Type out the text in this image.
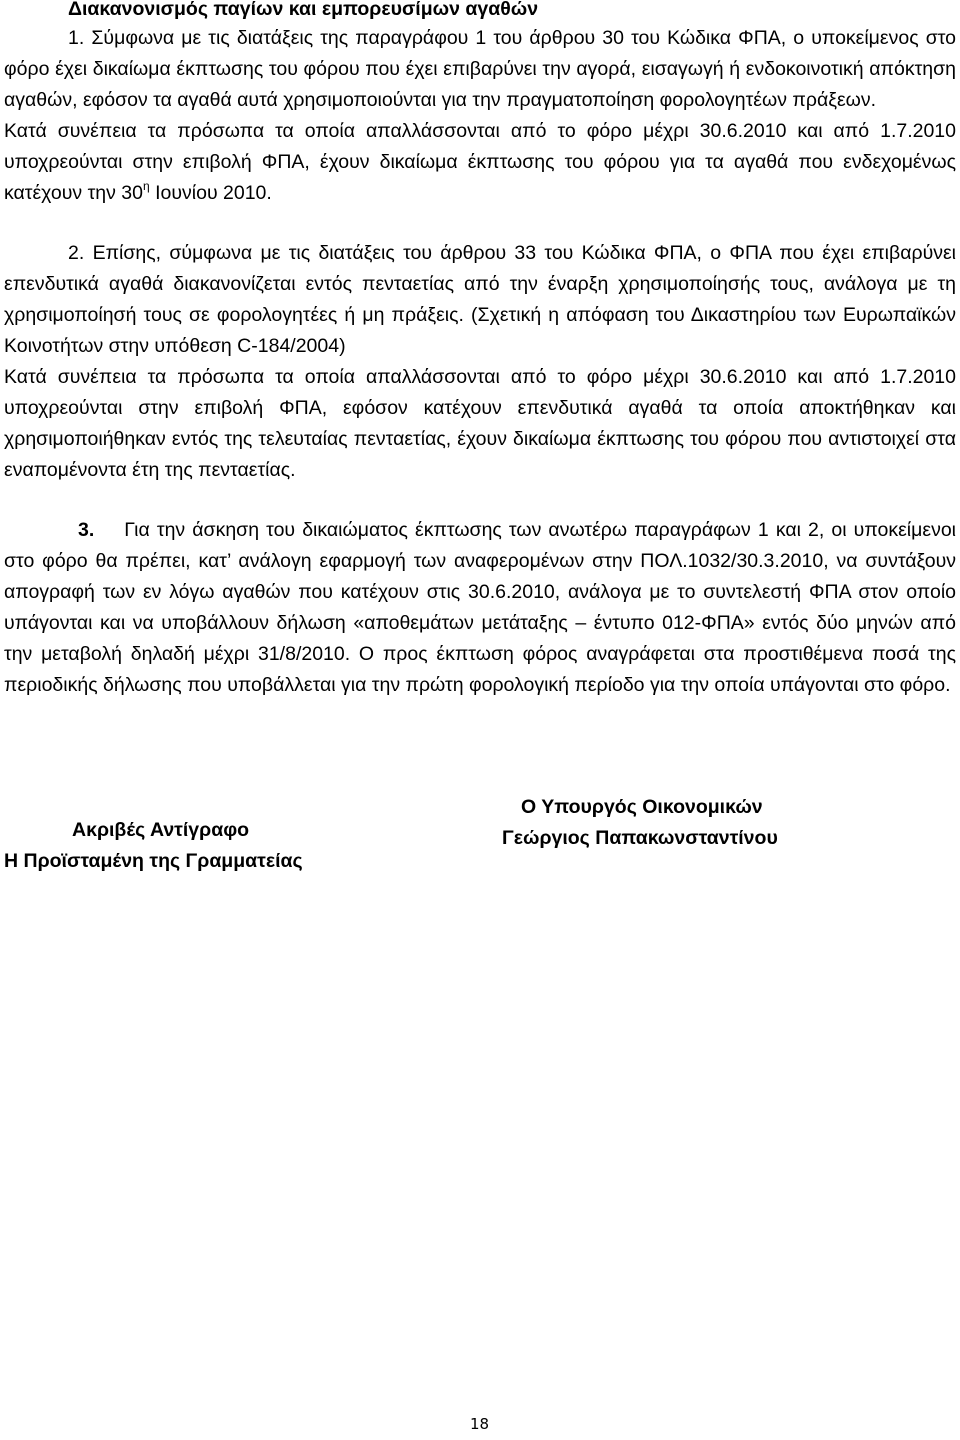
Διακανονισμός παγίων και εμπορευσίμων αγαθών

1. Σύμφωνα με τις διατάξεις της παραγράφου 1 του άρθρου 30 του Κώδικα ΦΠΑ, ο υποκείμενος στο φόρο έχει δικαίωμα έκπτωσης του φόρου που έχει επιβαρύνει την αγορά, εισαγωγή ή ενδοκοινοτική απόκτηση αγαθών, εφόσον τα αγαθά αυτά χρησιμοποιούνται για την πραγματοποίηση φορολογητέων πράξεων.

Κατά συνέπεια τα πρόσωπα τα οποία απαλλάσσονται από το φόρο μέχρι 30.6.2010 και από 1.7.2010 υποχρεούνται στην επιβολή ΦΠΑ, έχουν δικαίωμα έκπτωσης του φόρου για τα αγαθά που ενδεχομένως κατέχουν την $30^\eta$ Ιουνίου 2010.

2. Επίσης, σύμφωνα με τις διατάξεις του άρθρου 33 του Κώδικα ΦΠΑ, ο ΦΠΑ που έχει επιβαρύνει επενδυτικά αγαθά διακανονίζεται εντός πενταετίας από την έναρξη χρησιμοποίησής τους, ανάλογα με τη χρησιμοποίησή τους σε φορολογητέες ή μη πράξεις. (Σχετική η απόφαση του Δικαστηρίου των Ευρωπαϊκών Κοινοτήτων στην υπόθεση C-184/2004)

Κατά συνέπεια τα πρόσωπα τα οποία απαλλάσσονται από το φόρο μέχρι 30.6.2010 και από 1.7.2010 υποχρεούνται στην επιβολή ΦΠΑ, εφόσον κατέχουν επενδυτικά αγαθά τα οποία αποκτήθηκαν και χρησιμοποιήθηκαν εντός της τελευταίας πενταετίας, έχουν δικαίωμα έκπτωσης του φόρου που αντιστοιχεί στα εναπομένοντα έτη της πενταετίας.

3. Για την άσκηση του δικαιώματος έκπτωσης των ανωτέρω παραγράφων 1 και 2, οι υποκείμενοι στο φόρο θα πρέπει, κατ’ ανάλογη εφαρμογή των αναφερομένων στην ΠΟΛ.1032/30.3.2010, να συντάξουν απογραφή των εν λόγω αγαθών που κατέχουν στις 30.6.2010, ανάλογα με το συντελεστή ΦΠΑ στον οποίο υπάγονται και να υποβάλλουν δήλωση «αποθεμάτων μετάταξης – έντυπο 012-ΦΠΑ» εντός δύο μηνών από την μεταβολή δηλαδή μέχρι 31/8/2010. Ο προς έκπτωση φόρος αναγράφεται στα προστιθέμενα ποσά της περιοδικής δήλωσης που υποβάλλεται για την πρώτη φορολογική περίοδο για την οποία υπάγονται στο φόρο.

Ο Υπουργός Οικονομικών
Γεώργιος Παπακωνσταντίνου
Ακριβές Αντίγραφο
Η Προϊσταμένη της Γραμματείας
18
